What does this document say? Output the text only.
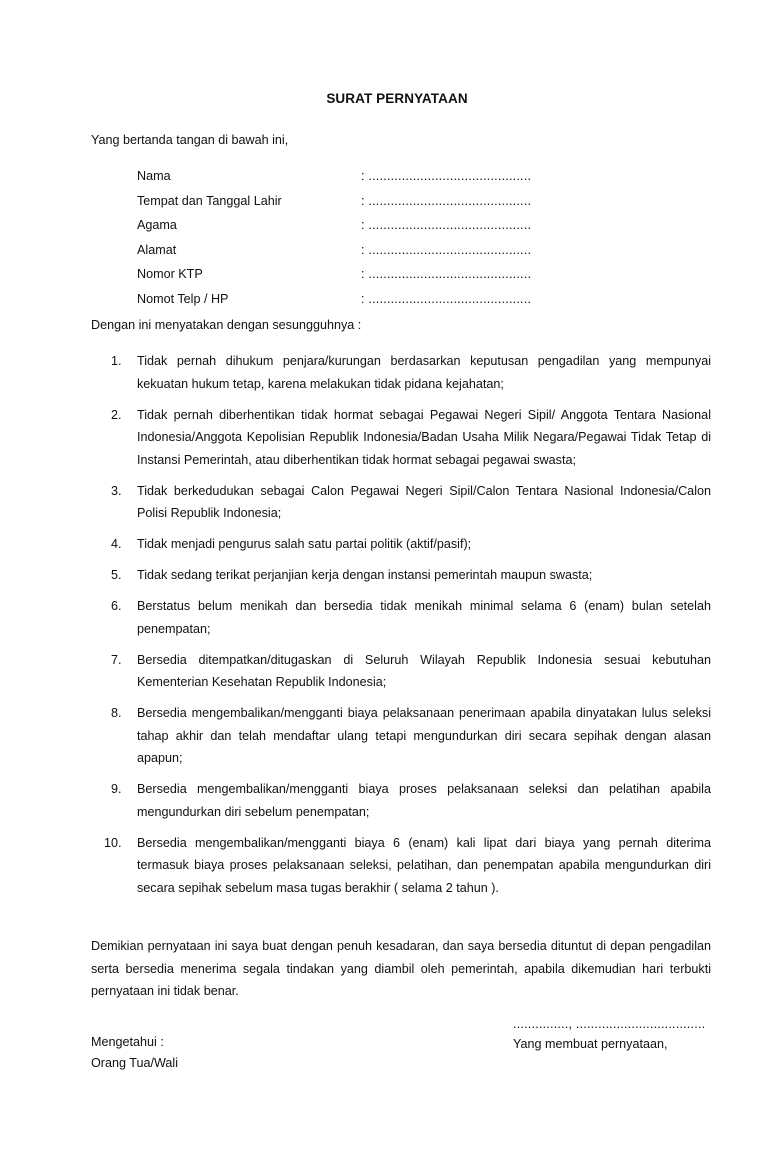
SURAT PERNYATAAN
Yang bertanda tangan di bawah ini,
Nama	: ............................................
Tempat dan Tanggal Lahir	: ............................................
Agama	: ............................................
Alamat	: ............................................
Nomor KTP	: ............................................
Nomot Telp / HP	: ............................................
Dengan ini menyatakan dengan sesungguhnya :
1. Tidak pernah dihukum penjara/kurungan berdasarkan keputusan pengadilan yang mempunyai kekuatan hukum tetap, karena melakukan tidak pidana kejahatan;
2. Tidak pernah diberhentikan tidak hormat sebagai Pegawai Negeri Sipil/ Anggota Tentara Nasional Indonesia/Anggota Kepolisian Republik Indonesia/Badan Usaha Milik Negara/Pegawai Tidak Tetap di Instansi Pemerintah, atau diberhentikan tidak hormat sebagai pegawai swasta;
3. Tidak berkedudukan sebagai Calon Pegawai Negeri Sipil/Calon Tentara Nasional Indonesia/Calon Polisi Republik Indonesia;
4. Tidak menjadi pengurus salah satu partai politik (aktif/pasif);
5. Tidak sedang terikat perjanjian kerja dengan instansi pemerintah maupun swasta;
6. Berstatus belum menikah dan bersedia tidak menikah minimal selama 6 (enam) bulan setelah penempatan;
7. Bersedia ditempatkan/ditugaskan di Seluruh Wilayah Republik Indonesia sesuai kebutuhan Kementerian Kesehatan Republik Indonesia;
8. Bersedia mengembalikan/mengganti biaya pelaksanaan penerimaan apabila dinyatakan lulus seleksi tahap akhir dan telah mendaftar ulang tetapi mengundurkan diri secara sepihak dengan alasan apapun;
9. Bersedia mengembalikan/mengganti biaya proses pelaksanaan seleksi dan pelatihan apabila mengundurkan diri sebelum penempatan;
10. Bersedia mengembalikan/mengganti biaya 6 (enam) kali lipat dari biaya yang pernah diterima termasuk biaya proses pelaksanaan seleksi, pelatihan, dan penempatan apabila mengundurkan diri secara sepihak sebelum masa tugas berakhir ( selama 2 tahun ).
Demikian pernyataan ini saya buat dengan penuh kesadaran, dan saya bersedia dituntut di depan pengadilan serta bersedia menerima segala tindakan yang diambil oleh pemerintah, apabila dikemudian hari terbukti pernyataan ini tidak benar.
Mengetahui :
Orang Tua/Wali
..............., ...................................
Yang membuat pernyataan,
